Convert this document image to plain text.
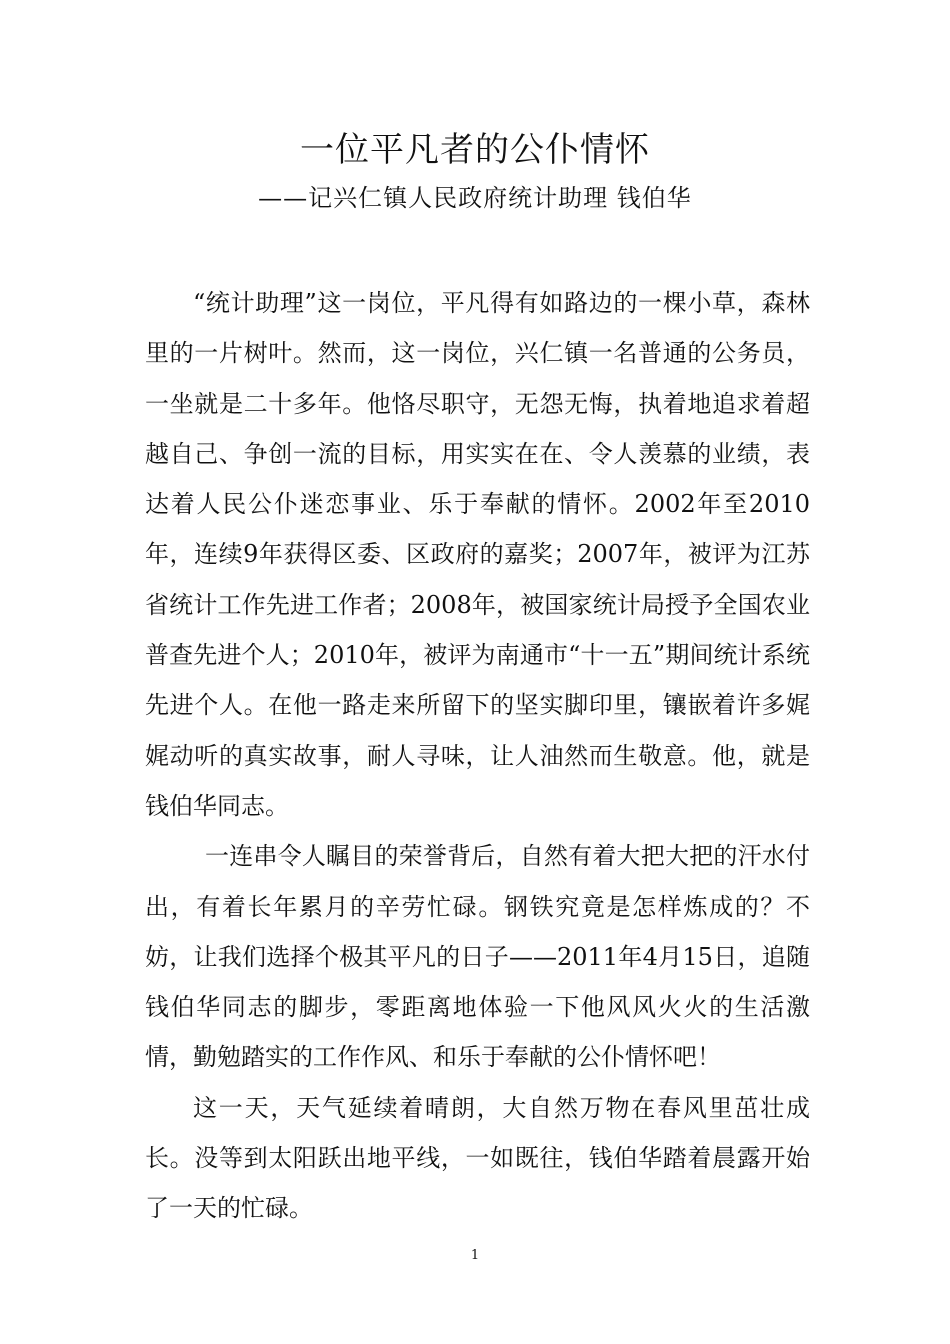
一位平凡者的公仆情怀
——记兴仁镇人民政府统计助理 钱伯华

“统计助理”这一岗位，平凡得有如路边的一棵小草，森林里的一片树叶。然而，这一岗位，兴仁镇一名普通的公务员，一坐就是二十多年。他恪尽职守，无怨无悔，执着地追求着超越自己、争创一流的目标，用实实在在、令人羡慕的业绩，表达着人民公仆迷恋事业、乐于奉献的情怀。2002年至2010年，连续9年获得区委、区政府的嘉奖；2007年，被评为江苏省统计工作先进工作者；2008年，被国家统计局授予全国农业普查先进个人；2010年，被评为南通市“十一五”期间统计系统先进个人。在他一路走来所留下的坚实脚印里，镶嵌着许多娓娓动听的真实故事，耐人寻味，让人油然而生敬意。他，就是钱伯华同志。

一连串令人瞩目的荣誉背后，自然有着大把大把的汗水付出，有着长年累月的辛劳忙碌。钢铁究竟是怎样炼成的？不妨，让我们选择个极其平凡的日子——2011年4月15日，追随钱伯华同志的脚步，零距离地体验一下他风风火火的生活激情，勤勉踏实的工作作风、和乐于奉献的公仆情怀吧！

这一天，天气延续着晴朗，大自然万物在春风里茁壮成长。没等到太阳跃出地平线，一如既往，钱伯华踏着晨露开始了一天的忙碌。

1
